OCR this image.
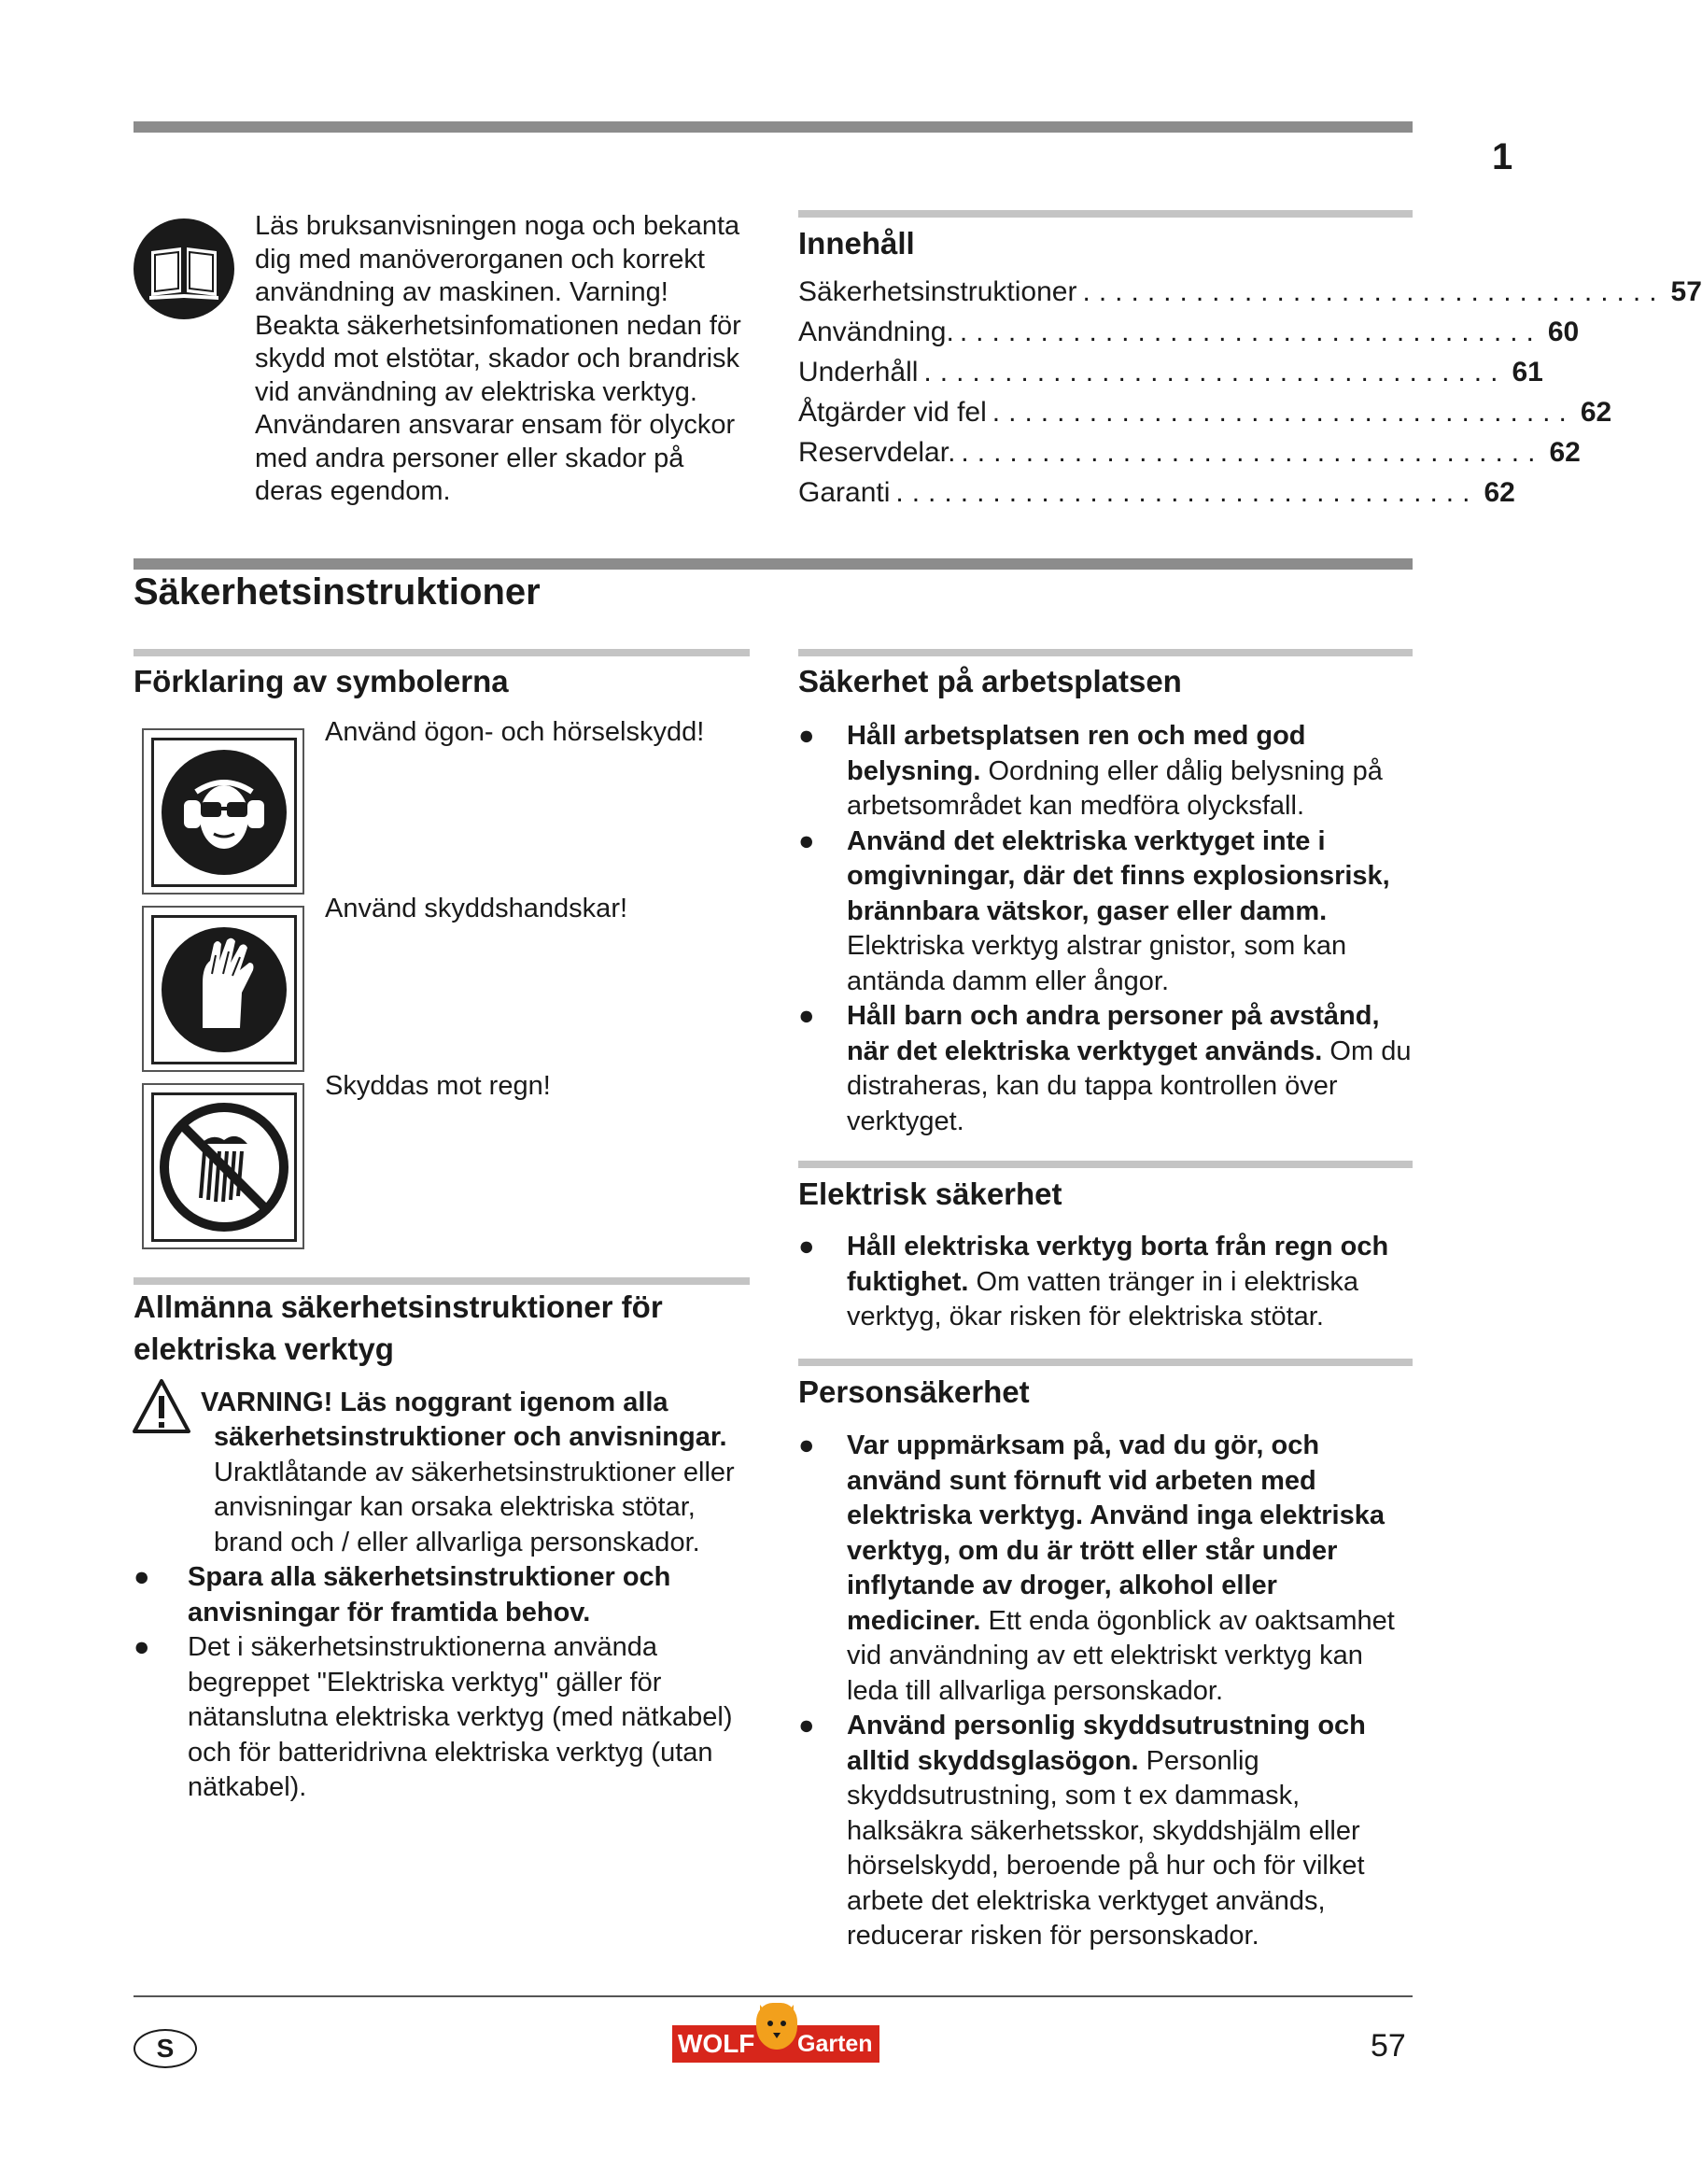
1
Läs bruksanvisningen noga och bekanta dig med manöverorganen och korrekt användning av maskinen. Varning! Beakta säkerhetsinfomationen nedan för skydd mot elstötar, skador och brandrisk vid användning av elektriska verktyg. Användaren ansvarar ensam för olyckor med andra personer eller skador på deras egendom.
Innehåll
Säkerhetsinstruktioner .................................... 57
Användning. .................................... 60
Underhåll .................................... 61
Åtgärder vid fel .................................... 62
Reservdelar. .................................... 62
Garanti .................................... 62
Säkerhetsinstruktioner
Förklaring av symbolerna
Använd ögon- och hörselskydd!
Använd skyddshandskar!
Skyddas mot regn!
Allmänna säkerhetsinstruktioner för
elektriska verktyg
VARNING! Läs noggrant igenom alla
säkerhetsinstruktioner och anvisningar.
Uraktlåtande av säkerhetsinstruktioner eller anvisningar kan orsaka elektriska stötar, brand och / eller allvarliga personskador.

● Spara alla säkerhetsinstruktioner och anvisningar för framtida behov.

● Det i säkerhetsinstruktionerna använda begreppet "Elektriska verktyg" gäller för nätanslutna elektriska verktyg (med nätkabel) och för batteridrivna elektriska verktyg (utan nätkabel).

Säkerhet på arbetsplatsen

● Håll arbetsplatsen ren och med god belysning. Oordning eller dålig belysning på arbetsområdet kan medföra olycksfall.

● Använd det elektriska verktyget inte i omgivningar, där det finns explosionsrisk, brännbara vätskor, gaser eller damm. Elektriska verktyg alstrar gnistor, som kan antända damm eller ångor.

● Håll barn och andra personer på avstånd, när det elektriska verktyget används. Om du distraheras, kan du tappa kontrollen över verktyget.

Elektrisk säkerhet

● Håll elektriska verktyg borta från regn och fuktighet. Om vatten tränger in i elektriska verktyg, ökar risken för elektriska stötar.

Personsäkerhet

● Var uppmärksam på, vad du gör, och använd sunt förnuft vid arbeten med elektriska verktyg. Använd inga elektriska verktyg, om du är trött eller står under inflytande av droger, alkohol eller mediciner. Ett enda ögonblick av oaktsamhet vid användning av ett elektriskt verktyg kan leda till allvarliga personskador.

● Använd personlig skyddsutrustning och alltid skyddsglasögon. Personlig skyddsutrustning, som t ex dammask, halksäkra säkerhetsskor, skyddshjälm eller hörselskydd, beroende på hur och för vilket arbete det elektriska verktyget används, reducerar risken för personskador.

S	WOLF Garten	57
